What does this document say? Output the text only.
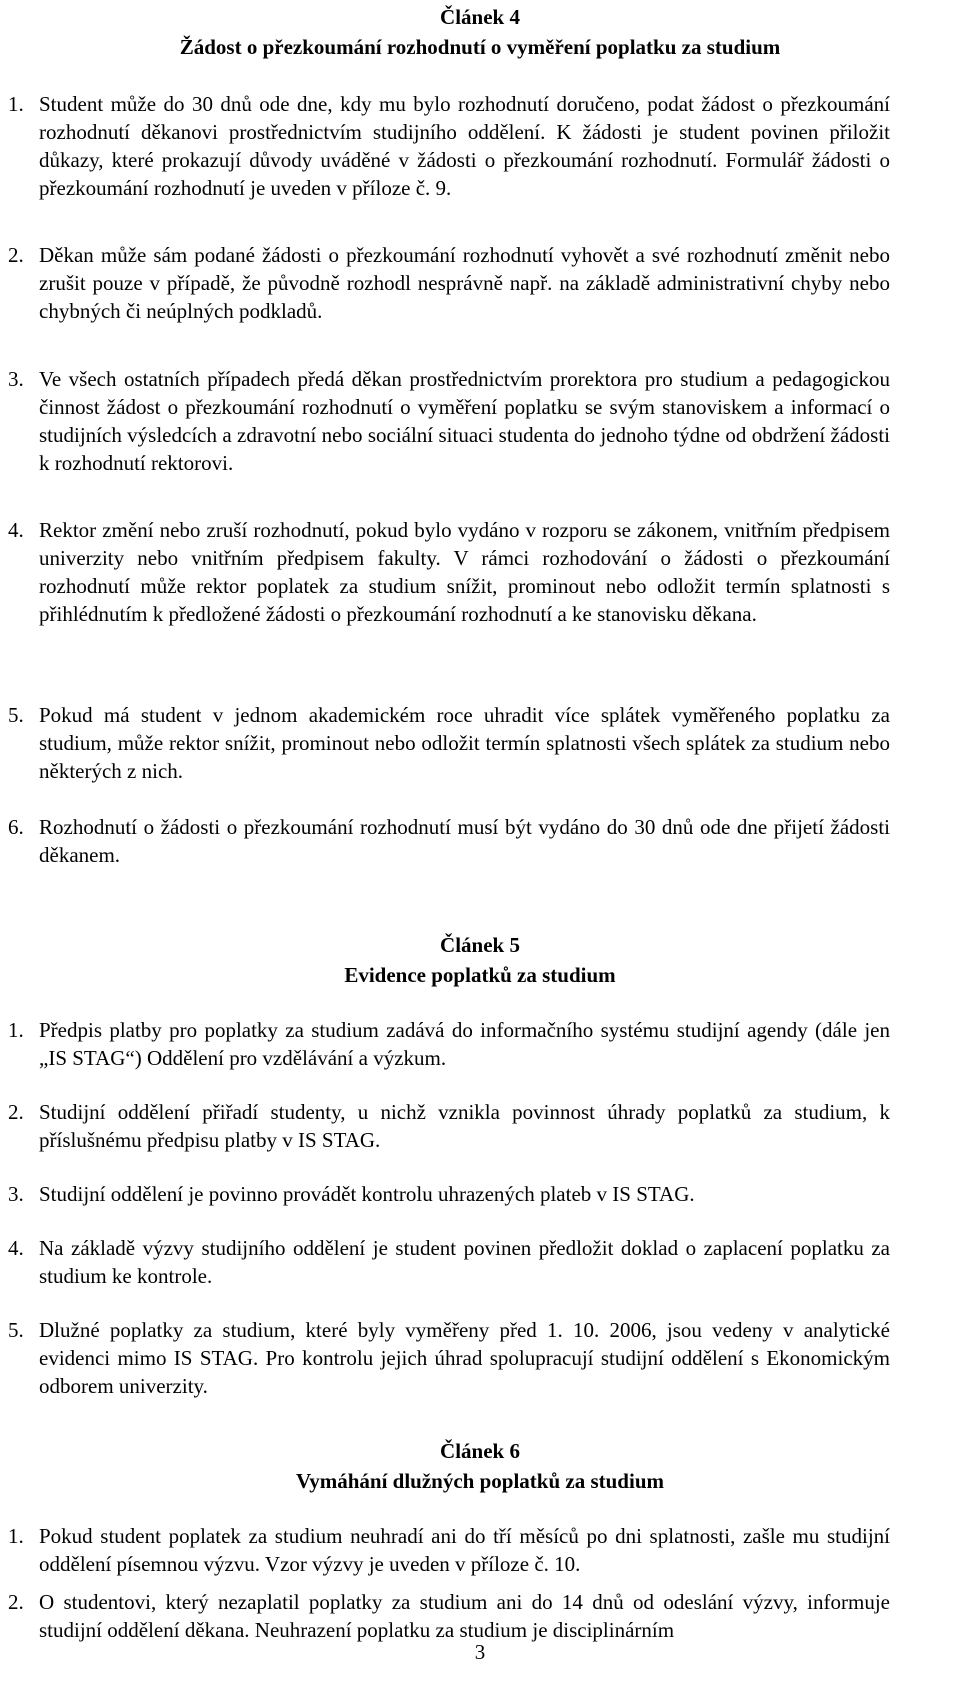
Článek 4
Žádost o přezkoumání rozhodnutí o vyměření poplatku za studium
1. Student může do 30 dnů ode dne, kdy mu bylo rozhodnutí doručeno, podat žádost o přezkoumání rozhodnutí děkanovi prostřednictvím studijního oddělení. K žádosti je student povinen přiložit důkazy, které prokazují důvody uváděné v žádosti o přezkoumání rozhodnutí. Formulář žádosti o přezkoumání rozhodnutí je uveden v příloze č. 9.
2. Děkan může sám podané žádosti o přezkoumání rozhodnutí vyhovět a své rozhodnutí změnit nebo zrušit pouze v případě, že původně rozhodl nesprávně např. na základě administrativní chyby nebo chybných či neúplných podkladů.
3. Ve všech ostatních případech předá děkan prostřednictvím prorektora pro studium a pedagogickou činnost žádost o přezkoumání rozhodnutí o vyměření poplatku se svým stanoviskem a informací o studijních výsledcích a zdravotní nebo sociální situaci studenta do jednoho týdne od obdržení žádosti k rozhodnutí rektorovi.
4. Rektor změní nebo zruší rozhodnutí, pokud bylo vydáno v rozporu se zákonem, vnitřním předpisem univerzity nebo vnitřním předpisem fakulty. V rámci rozhodování o žádosti o přezkoumání rozhodnutí může rektor poplatek za studium snížit, prominout nebo odložit termín splatnosti s přihlédnutím k předložené žádosti o přezkoumání rozhodnutí a ke stanovisku děkana.
5. Pokud má student v jednom akademickém roce uhradit více splátek vyměřeného poplatku za studium, může rektor snížit, prominout nebo odložit termín splatnosti všech splátek za studium nebo některých z nich.
6. Rozhodnutí o žádosti o přezkoumání rozhodnutí musí být vydáno do 30 dnů ode dne přijetí žádosti děkanem.
Článek 5
Evidence poplatků za studium
1. Předpis platby pro poplatky za studium zadává do informačního systému studijní agendy (dále jen „IS STAG“) Oddělení pro vzdělávání a výzkum.
2. Studijní oddělení přiřadí studenty, u nichž vznikla povinnost úhrady poplatků za studium, k příslušnému předpisu platby v IS STAG.
3. Studijní oddělení je povinno provádět kontrolu uhrazených plateb v IS STAG.
4. Na základě výzvy studijního oddělení je student povinen předložit doklad o zaplacení poplatku za studium ke kontrole.
5. Dlužné poplatky za studium, které byly vyměřeny před 1. 10. 2006, jsou vedeny v analytické evidenci mimo IS STAG. Pro kontrolu jejich úhrad spolupracují studijní oddělení s Ekonomickým odborem univerzity.
Článek 6
Vymáhání dlužných poplatků za studium
1. Pokud student poplatek za studium neuhradí ani do tří měsíců po dni splatnosti, zašle mu studijní oddělení písemnou výzvu. Vzor výzvy je uveden v příloze č. 10.
2. O studentovi, který nezaplatil poplatky za studium ani do 14 dnů od odeslání výzvy, informuje studijní oddělení děkana. Neuhrazení poplatku za studium je disciplinárním
3
